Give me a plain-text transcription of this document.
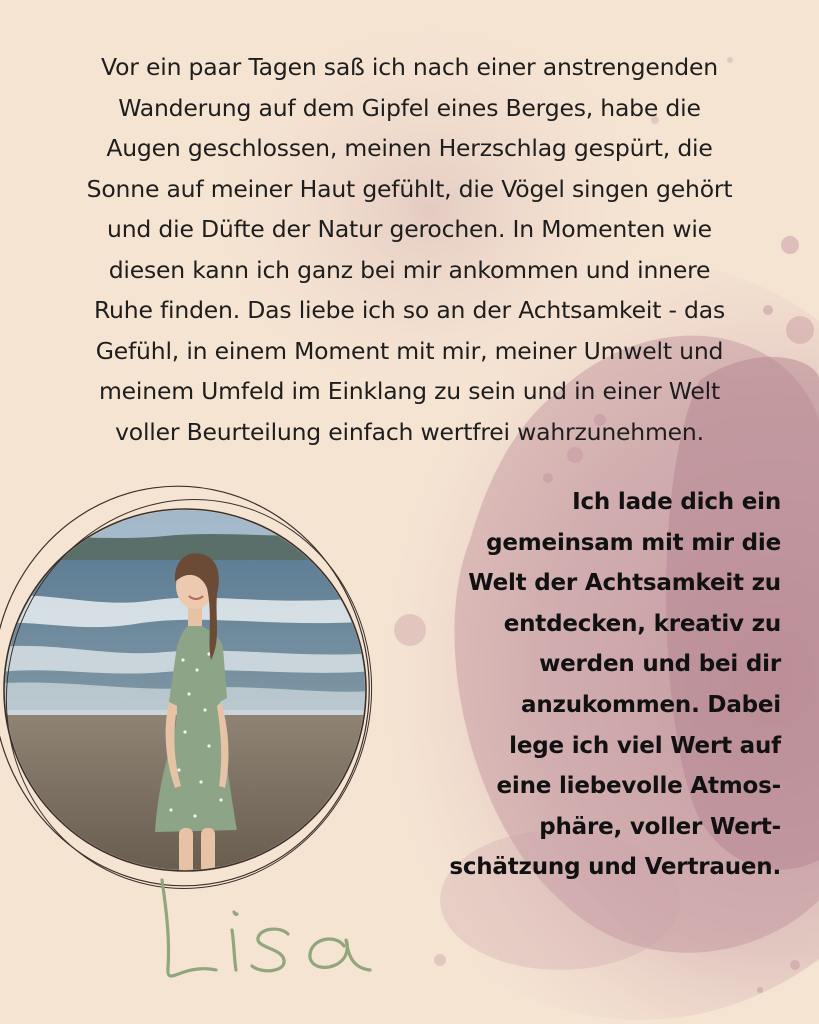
Vor ein paar Tagen saß ich nach einer anstrengenden
Wanderung auf dem Gipfel eines Berges, habe die
Augen geschlossen, meinen Herzschlag gespürt, die
Sonne auf meiner Haut gefühlt, die Vögel singen gehört
und die Düfte der Natur gerochen. In Momenten wie
diesen kann ich ganz bei mir ankommen und innere
Ruhe finden. Das liebe ich so an der Achtsamkeit - das
Gefühl, in einem Moment mit mir, meiner Umwelt und
meinem Umfeld im Einklang zu sein und in einer Welt
voller Beurteilung einfach wertfrei wahrzunehmen.
Ich lade dich ein
gemeinsam mit mir die
Welt der Achtsamkeit zu
entdecken, kreativ zu
werden und bei dir
anzukommen. Dabei
lege ich viel Wert auf
eine liebevolle Atmos-
phäre, voller Wert-
schätzung und Vertrauen.
